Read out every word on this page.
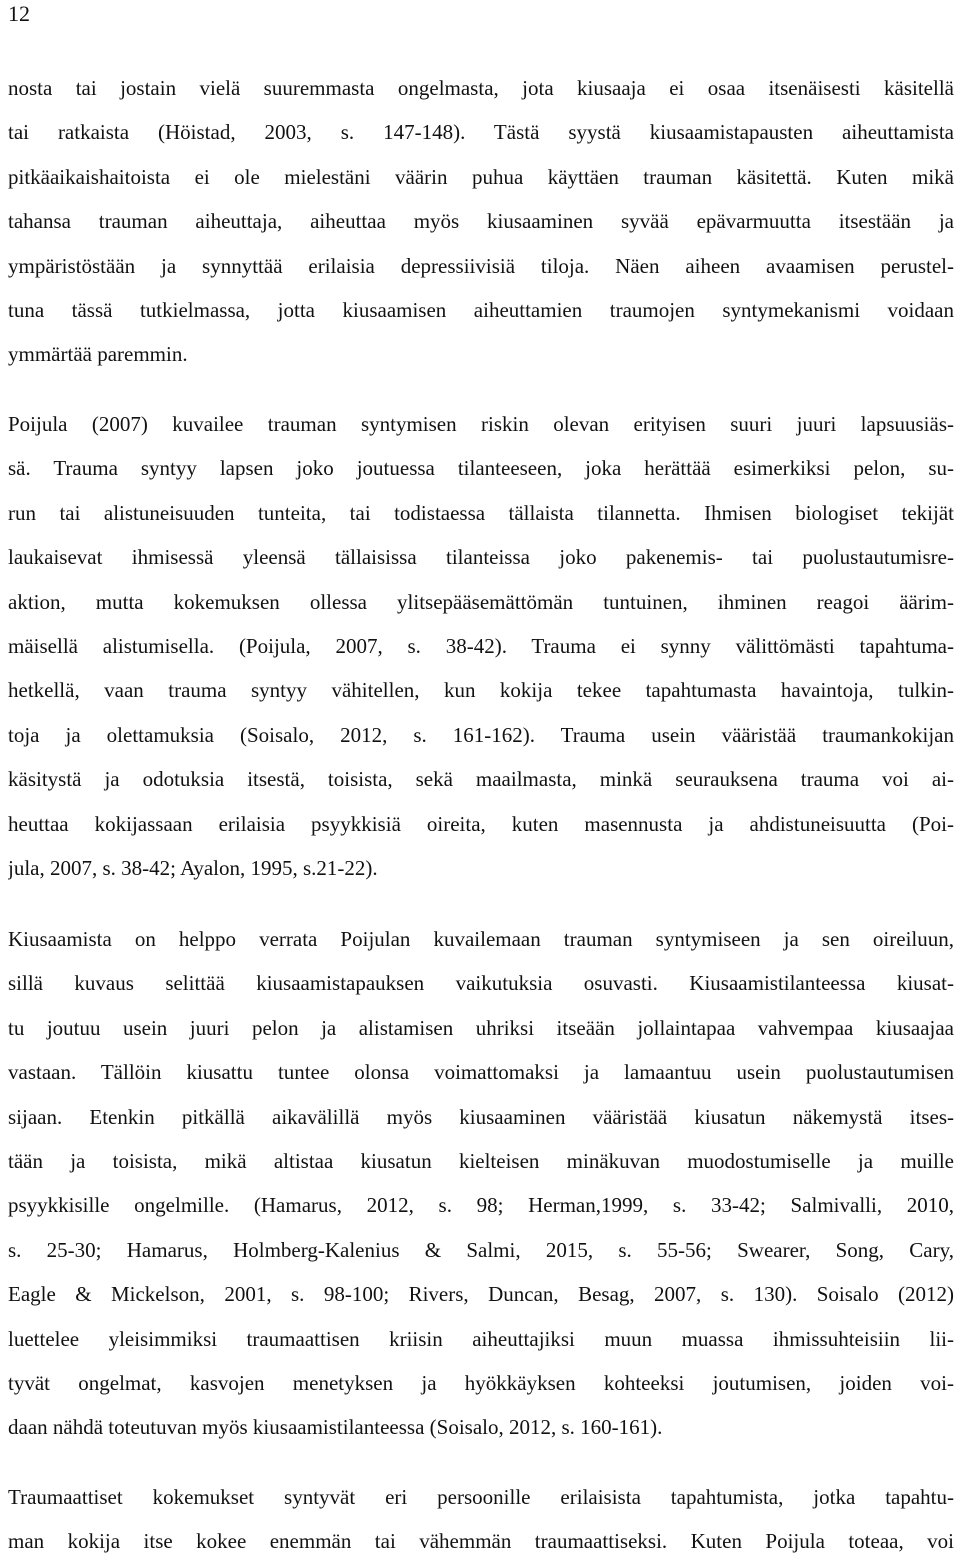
12
nosta tai jostain vielä suuremmasta ongelmasta, jota kiusaaja ei osaa itsenäisesti käsitellä
tai ratkaista (Höistad, 2003, s. 147-148). Tästä syystä kiusaamistapausten aiheuttamista
pitkäaikaishaitoista ei ole mielestäni väärin puhua käyttäen trauman käsitettä. Kuten mikä
tahansa trauman aiheuttaja, aiheuttaa myös kiusaaminen syvää epävarmuutta itsestään ja
ympäristöstään ja synnyttää erilaisia depressiivisiä tiloja. Näen aiheen avaamisen perustel-
tuna tässä tutkielmassa, jotta kiusaamisen aiheuttamien traumojen syntymekanismi voidaan
ymmärtää paremmin.
Poijula (2007) kuvailee trauman syntymisen riskin olevan erityisen suuri juuri lapsuusiäs-
sä. Trauma syntyy lapsen joko joutuessa tilanteeseen, joka herättää esimerkiksi pelon, su-
run tai alistuneisuuden tunteita, tai todistaessa tällaista tilannetta. Ihmisen biologiset tekijät
laukaisevat ihmisessä yleensä tällaisissa tilanteissa joko pakenemis- tai puolustautumisre-
aktion, mutta kokemuksen ollessa ylitsepääsemättömän tuntuinen, ihminen reagoi äärim-
mäisellä alistumisella. (Poijula, 2007, s. 38-42). Trauma ei synny välittömästi tapahtuma-
hetkellä, vaan trauma syntyy vähitellen, kun kokija tekee tapahtumasta havaintoja, tulkin-
toja ja olettamuksia (Soisalo, 2012, s. 161-162). Trauma usein vääristää traumankokijan
käsitystä ja odotuksia itsestä, toisista, sekä maailmasta, minkä seurauksena trauma voi ai-
heuttaa kokijassaan erilaisia psyykkisiä oireita, kuten masennusta ja ahdistuneisuutta (Poi-
jula, 2007, s. 38-42; Ayalon, 1995, s.21-22).
Kiusaamista on helppo verrata Poijulan kuvailemaan trauman syntymiseen ja sen oireiluun,
sillä kuvaus selittää kiusaamistapauksen vaikutuksia osuvasti. Kiusaamistilanteessa kiusat-
tu joutuu usein juuri pelon ja alistamisen uhriksi itseään jollaintapaa vahvempaa kiusaajaa
vastaan. Tällöin kiusattu tuntee olonsa voimattomaksi ja lamaantuu usein puolustautumisen
sijaan. Etenkin pitkällä aikavälillä myös kiusaaminen vääristää kiusatun näkemystä itses-
tään ja toisista, mikä altistaa kiusatun kielteisen minäkuvan muodostumiselle ja muille
psyykkisille ongelmille. (Hamarus, 2012, s. 98; Herman,1999, s. 33-42; Salmivalli, 2010,
s. 25-30; Hamarus, Holmberg-Kalenius & Salmi, 2015, s. 55-56; Swearer, Song, Cary,
Eagle & Mickelson, 2001, s. 98-100; Rivers, Duncan, Besag, 2007, s. 130). Soisalo (2012)
luettelee yleisimmiksi traumaattisen kriisin aiheuttajiksi muun muassa ihmissuhteisiin lii-
tyvät ongelmat, kasvojen menetyksen ja hyökkäyksen kohteeksi joutumisen, joiden voi-
daan nähdä toteutuvan myös kiusaamistilanteessa (Soisalo, 2012, s. 160-161).
Traumaattiset kokemukset syntyvät eri persoonille erilaisista tapahtumista, jotka tapahtu-
man kokija itse kokee enemmän tai vähemmän traumaattiseksi. Kuten Poijula toteaa, voi
